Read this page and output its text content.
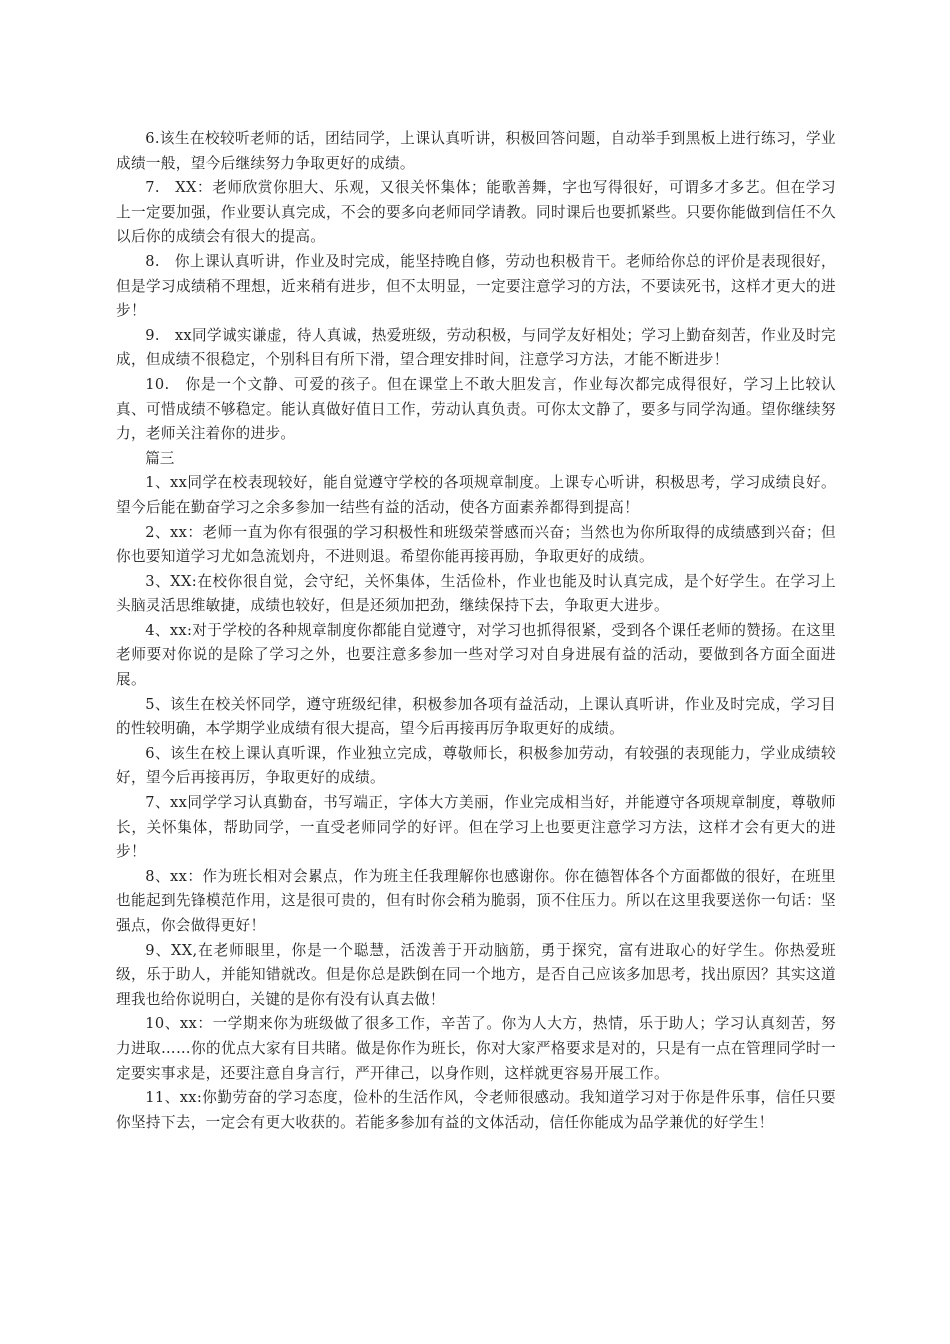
6.该生在校较听老师的话，团结同学，上课认真听讲，积极回答问题，自动举手到黑板上进行练习，学业成绩一般，望今后继续努力争取更好的成绩。

7.　XX：老师欣赏你胆大、乐观，又很关怀集体；能歌善舞，字也写得很好，可谓多才多艺。但在学习上一定要加强，作业要认真完成，不会的要多向老师同学请教。同时课后也要抓紧些。只要你能做到信任不久以后你的成绩会有很大的提高。

8.　你上课认真听讲，作业及时完成，能坚持晚自修，劳动也积极肯干。老师给你总的评价是表现很好，但是学习成绩稍不理想，近来稍有进步，但不太明显，一定要注意学习的方法，不要读死书，这样才更大的进步！

9.　xx同学诚实谦虚，待人真诚，热爱班级，劳动积极，与同学友好相处；学习上勤奋刻苦，作业及时完成，但成绩不很稳定，个别科目有所下滑，望合理安排时间，注意学习方法，才能不断进步！

10.　你是一个文静、可爱的孩子。但在课堂上不敢大胆发言，作业每次都完成得很好，学习上比较认真、可惜成绩不够稳定。能认真做好值日工作，劳动认真负责。可你太文静了，要多与同学沟通。望你继续努力，老师关注着你的进步。

篇三

1、xx同学在校表现较好，能自觉遵守学校的各项规章制度。上课专心听讲，积极思考，学习成绩良好。望今后能在勤奋学习之余多参加一结些有益的活动，使各方面素养都得到提高！

2、xx：老师一直为你有很强的学习积极性和班级荣誉感而兴奋；当然也为你所取得的成绩感到兴奋；但你也要知道学习尤如急流划舟，不进则退。希望你能再接再励，争取更好的成绩。

3、XX:在校你很自觉，会守纪，关怀集体，生活俭朴，作业也能及时认真完成，是个好学生。在学习上头脑灵活思维敏捷，成绩也较好，但是还须加把劲，继续保持下去，争取更大进步。

4、xx:对于学校的各种规章制度你都能自觉遵守，对学习也抓得很紧，受到各个课任老师的赞扬。在这里老师要对你说的是除了学习之外，也要注意多参加一些对学习对自身进展有益的活动，要做到各方面全面进展。

5、该生在校关怀同学，遵守班级纪律，积极参加各项有益活动，上课认真听讲，作业及时完成，学习目的性较明确，本学期学业成绩有很大提高，望今后再接再厉争取更好的成绩。

6、该生在校上课认真听课，作业独立完成，尊敬师长，积极参加劳动，有较强的表现能力，学业成绩较好，望今后再接再厉，争取更好的成绩。

7、xx同学学习认真勤奋，书写端正，字体大方美丽，作业完成相当好，并能遵守各项规章制度，尊敬师长，关怀集体，帮助同学，一直受老师同学的好评。但在学习上也要更注意学习方法，这样才会有更大的进步！

8、xx：作为班长相对会累点，作为班主任我理解你也感谢你。你在德智体各个方面都做的很好，在班里也能起到先锋模范作用，这是很可贵的，但有时你会稍为脆弱，顶不住压力。所以在这里我要送你一句话：坚强点，你会做得更好！

9、XX,在老师眼里，你是一个聪慧，活泼善于开动脑筋，勇于探究，富有进取心的好学生。你热爱班级，乐于助人，并能知错就改。但是你总是跌倒在同一个地方，是否自己应该多加思考，找出原因？其实这道理我也给你说明白，关键的是你有没有认真去做！

10、xx：一学期来你为班级做了很多工作，辛苦了。你为人大方，热情，乐于助人；学习认真刻苦，努力进取……你的优点大家有目共睹。做是你作为班长，你对大家严格要求是对的，只是有一点在管理同学时一定要实事求是，还要注意自身言行，严开律己，以身作则，这样就更容易开展工作。

11、xx:你勤劳奋的学习态度，俭朴的生活作风，令老师很感动。我知道学习对于你是件乐事，信任只要你坚持下去，一定会有更大收获的。若能多参加有益的文体活动，信任你能成为品学兼优的好学生！
